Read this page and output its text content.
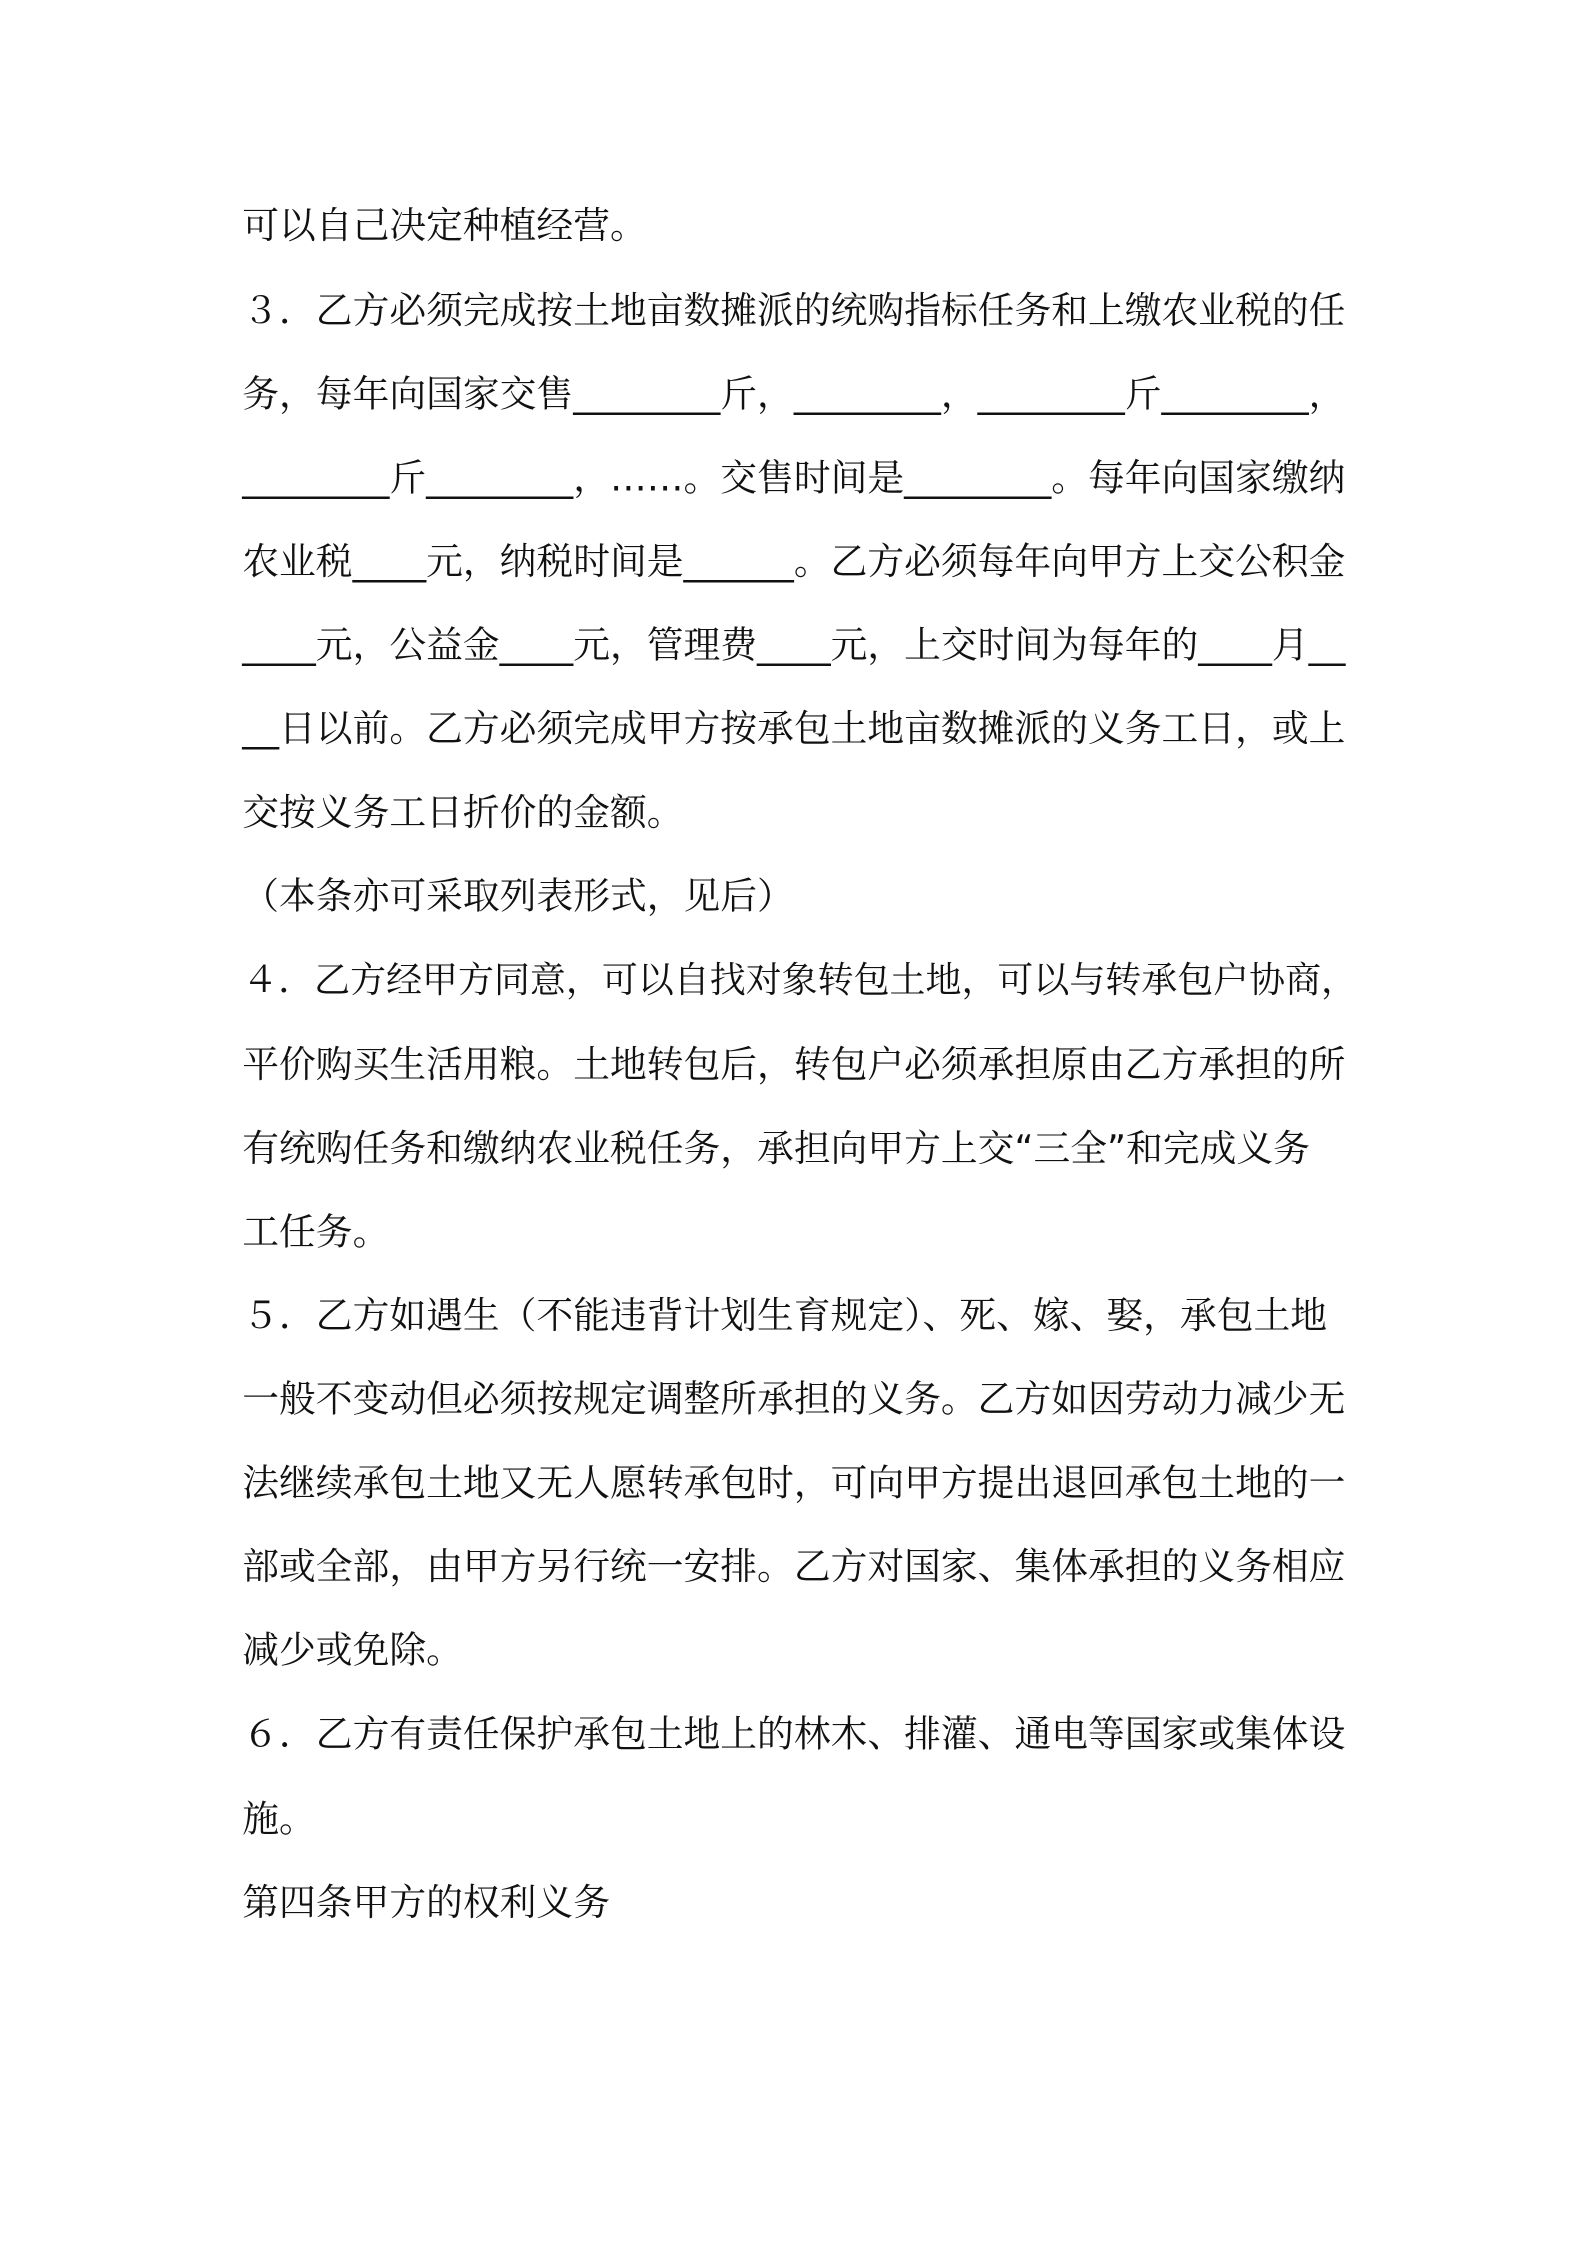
可以自己决定种植经营。
３．乙方必须完成按土地亩数摊派的统购指标任务和上缴农业税的任
务，每年向国家交售________斤，________，________斤________，
________斤________，……。交售时间是________。每年向国家缴纳
农业税____元，纳税时间是______。乙方必须每年向甲方上交公积金
____元，公益金____元，管理费____元，上交时间为每年的____月__
__日以前。乙方必须完成甲方按承包土地亩数摊派的义务工日，或上
交按义务工日折价的金额。
（本条亦可采取列表形式，见后）
４．乙方经甲方同意，可以自找对象转包土地，可以与转承包户协商，
平价购买生活用粮。土地转包后，转包户必须承担原由乙方承担的所
有统购任务和缴纳农业税任务，承担向甲方上交“三全”和完成义务
工任务。
５．乙方如遇生（不能违背计划生育规定）、死、嫁、娶，承包土地
一般不变动但必须按规定调整所承担的义务。乙方如因劳动力减少无
法继续承包土地又无人愿转承包时，可向甲方提出退回承包土地的一
部或全部，由甲方另行统一安排。乙方对国家、集体承担的义务相应
减少或免除。
６．乙方有责任保护承包土地上的林木、排灌、通电等国家或集体设
施。
第四条甲方的权利义务
